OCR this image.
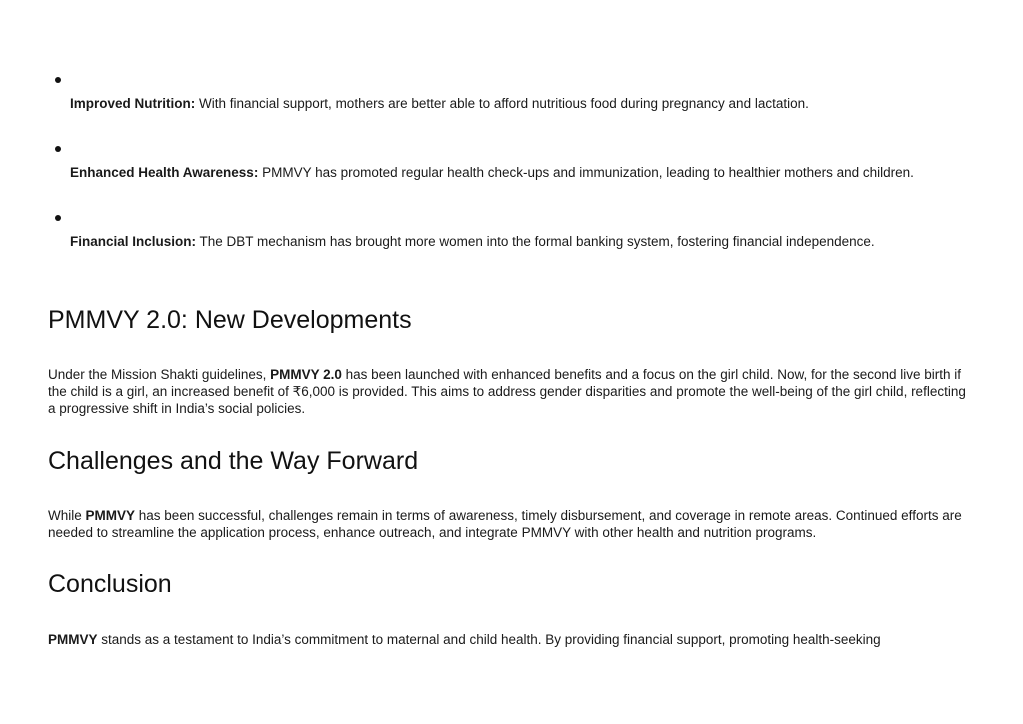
Improved Nutrition: With financial support, mothers are better able to afford nutritious food during pregnancy and lactation.
Enhanced Health Awareness: PMMVY has promoted regular health check-ups and immunization, leading to healthier mothers and children.
Financial Inclusion: The DBT mechanism has brought more women into the formal banking system, fostering financial independence.
PMMVY 2.0: New Developments

Under the Mission Shakti guidelines, PMMVY 2.0 has been launched with enhanced benefits and a focus on the girl child. Now, for the second live birth if the child is a girl, an increased benefit of ₹6,000 is provided. This aims to address gender disparities and promote the well-being of the girl child, reflecting a progressive shift in India’s social policies.

Challenges and the Way Forward

While PMMVY has been successful, challenges remain in terms of awareness, timely disbursement, and coverage in remote areas. Continued efforts are needed to streamline the application process, enhance outreach, and integrate PMMVY with other health and nutrition programs.

Conclusion

PMMVY stands as a testament to India’s commitment to maternal and child health. By providing financial support, promoting health-seeking
